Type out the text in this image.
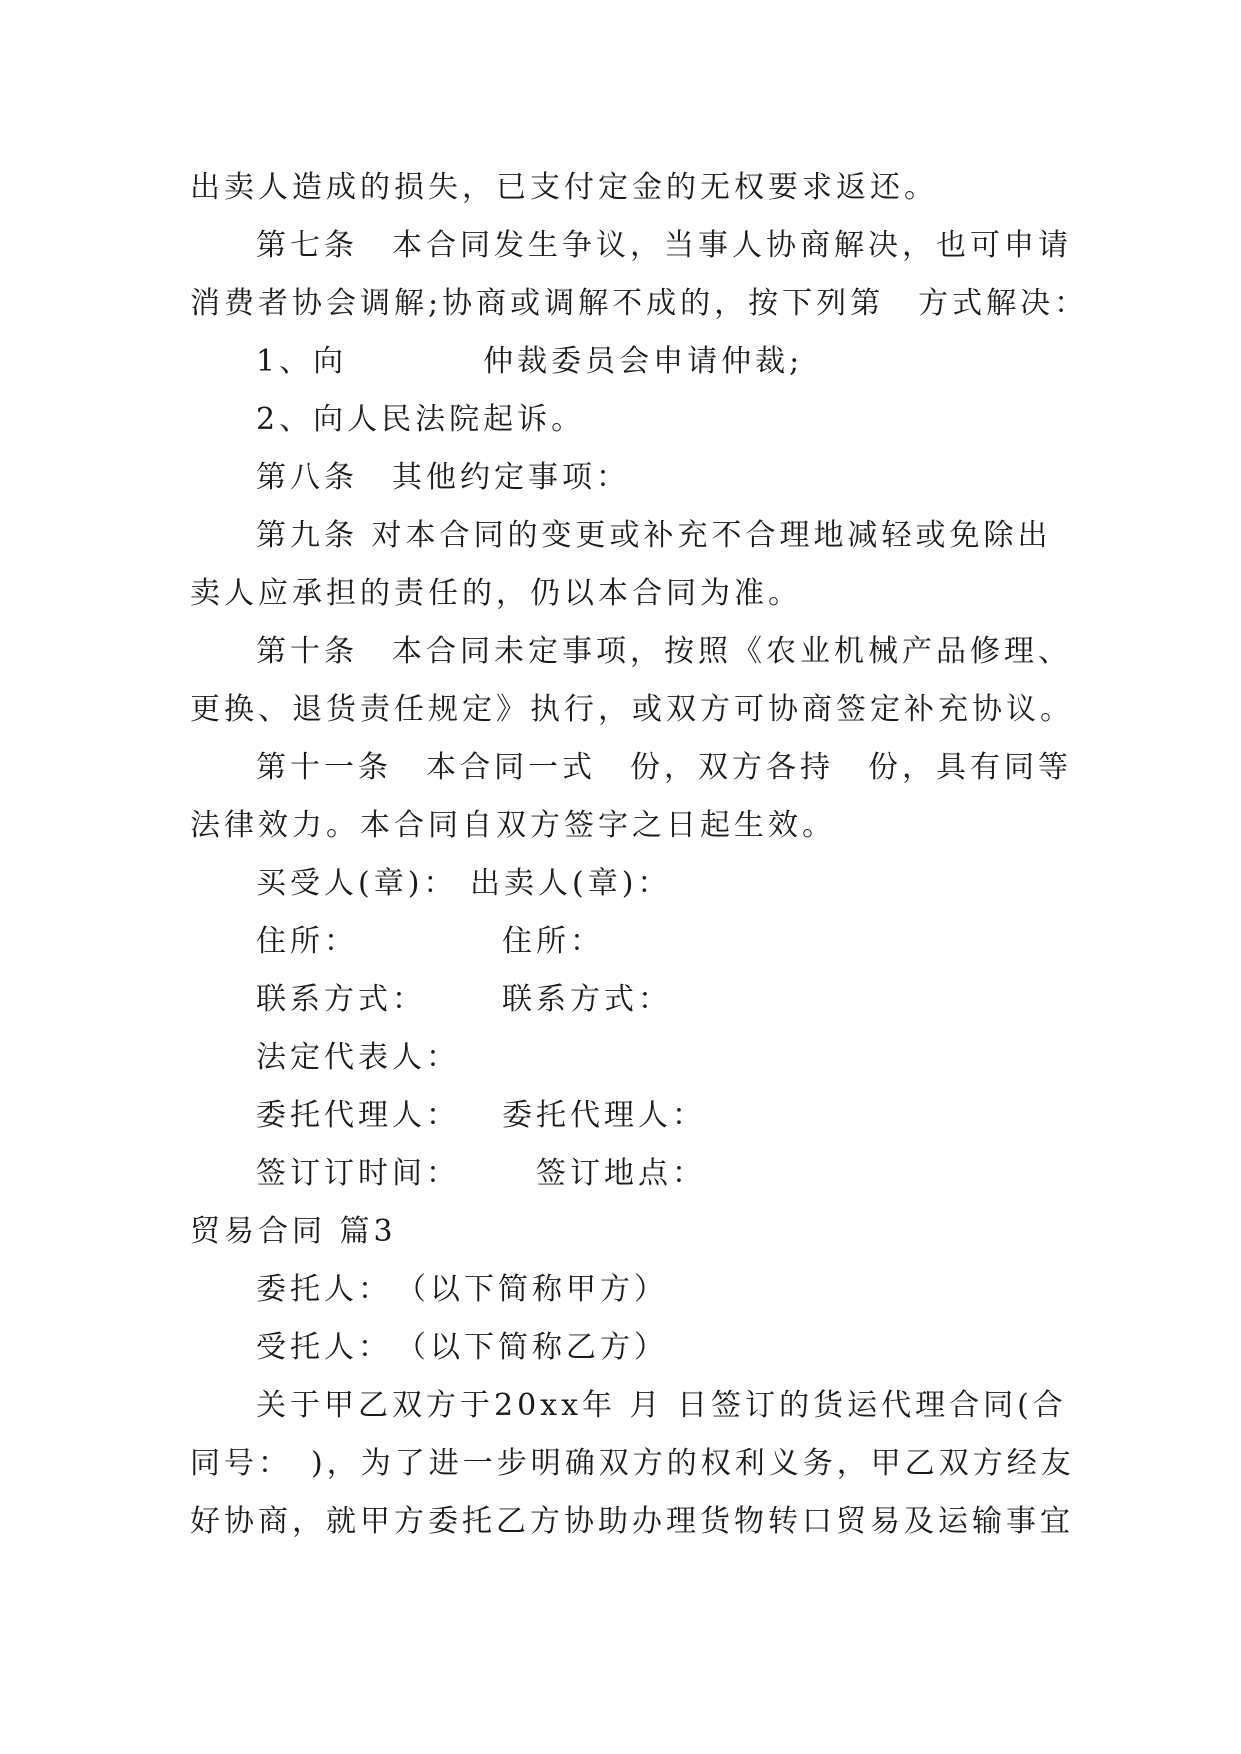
出卖人造成的损失，已支付定金的无权要求返还。
第七条　本合同发生争议，当事人协商解决，也可申请
消费者协会调解;协商或调解不成的，按下列第　方式解决：
1、向　　　　仲裁委员会申请仲裁;
2、向人民法院起诉。
第八条　其他约定事项：
第九条 对本合同的变更或补充不合理地减轻或免除出
卖人应承担的责任的，仍以本合同为准。
第十条　本合同未定事项，按照《农业机械产品修理、
更换、退货责任规定》执行，或双方可协商签定补充协议。
第十一条　本合同一式　份，双方各持　份，具有同等
法律效力。本合同自双方签字之日起生效。
买受人(章)： 出卖人(章)：
住所：	住所：
联系方式：	联系方式：
法定代表人：
委托代理人： 委托代理人：
签订订时间：	签订地点：
贸易合同 篇3
委托人：　（以下简称甲方）
受托人：　（以下简称乙方）
关于甲乙双方于20xx年 月 日签订的货运代理合同(合
同号：　)，为了进一步明确双方的权利义务，甲乙双方经友
好协商，就甲方委托乙方协助办理货物转口贸易及运输事宜
